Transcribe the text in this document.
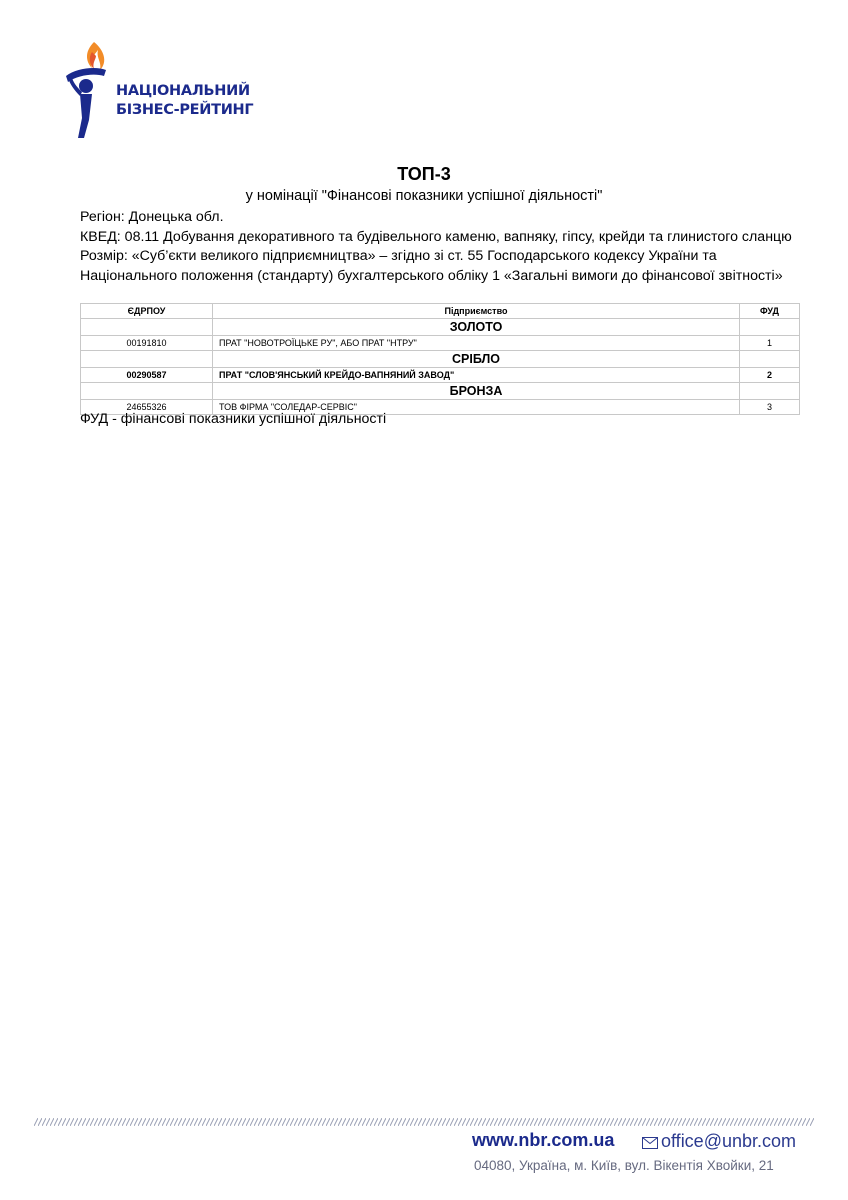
НАЦІОНАЛЬНИЙ
БІЗНЕС-РЕЙТИНГ
ТОП-3
у номінації "Фінансові показники успішної діяльності"

Регіон: Донецька обл.

КВЕД: 08.11 Добування декоративного та будівельного каменю, вапняку, гіпсу, крейди та глинистого сланцю

Розмір: «Суб’єкти великого підприємництва» – згідно зі ст. 55 Господарського кодексу України та Національного положення (стандарту) бухгалтерського обліку 1 «Загальні вимоги до фінансової звітності»

ЄДРПОУ	Підприємство	ФУД
	ЗОЛОТО	
00191810	ПРАТ "НОВОТРОЇЦЬКЕ РУ", АБО ПРАТ "НТРУ"	1
	СРІБЛО	
00290587	ПРАТ "СЛОВ'ЯНСЬКИЙ КРЕЙДО-ВАПНЯНИЙ ЗАВОД"	2
	БРОНЗА	
24655326	ТОВ ФІРМА "СОЛЕДАР-СЕРВІС"	3
ФУД - фінансові показники успішної діяльності
www.nbr.com.ua	office@unbr.com
04080, Україна, м. Київ, вул. Вікентія Хвойки, 21
